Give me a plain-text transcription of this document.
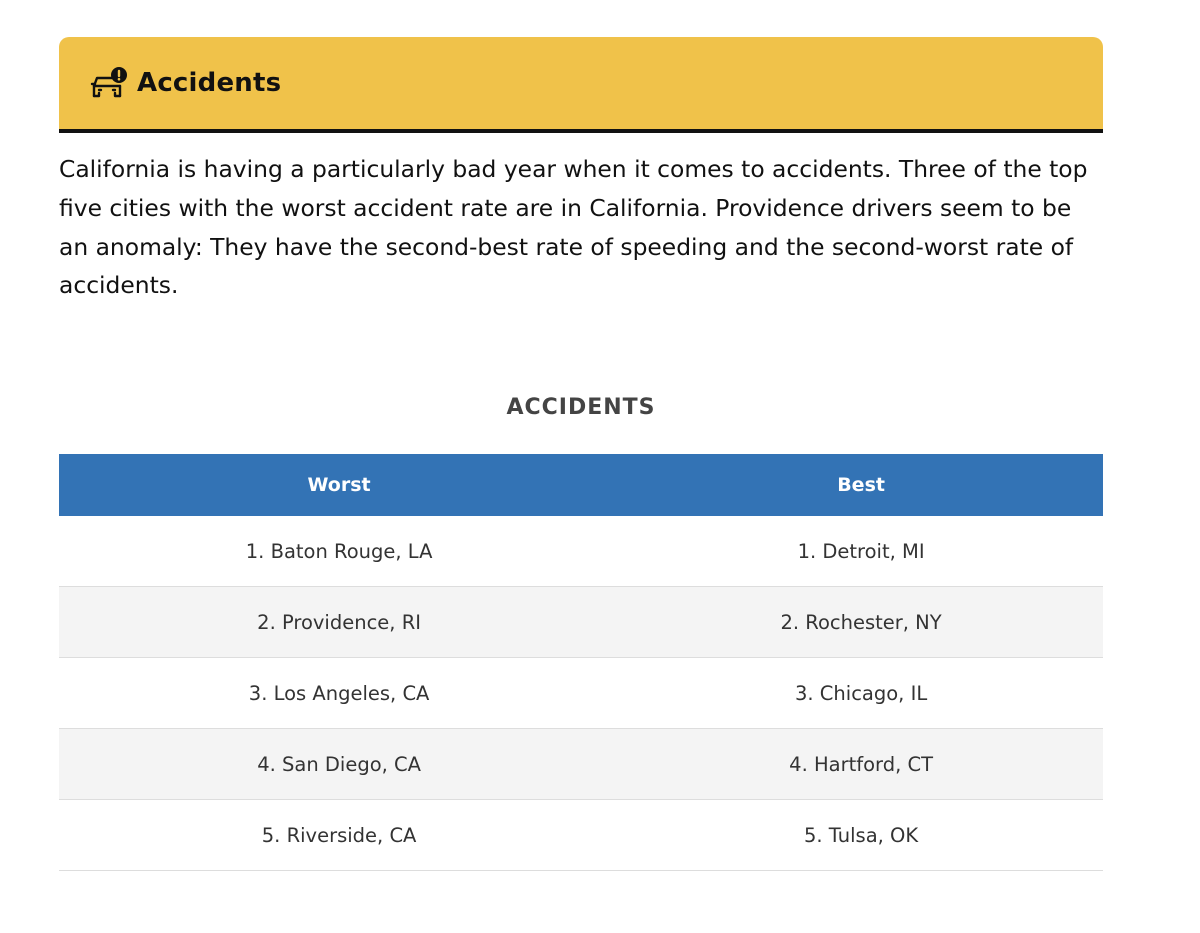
Accidents

California is having a particularly bad year when it comes to accidents. Three of the top five cities with the worst accident rate are in California. Providence drivers seem to be an anomaly: They have the second-best rate of speeding and the second-worst rate of accidents.

ACCIDENTS
Worst	Best
1. Baton Rouge, LA	1. Detroit, MI
2. Providence, RI	2. Rochester, NY
3. Los Angeles, CA	3. Chicago, IL
4. San Diego, CA	4. Hartford, CT
5. Riverside, CA	5. Tulsa, OK
